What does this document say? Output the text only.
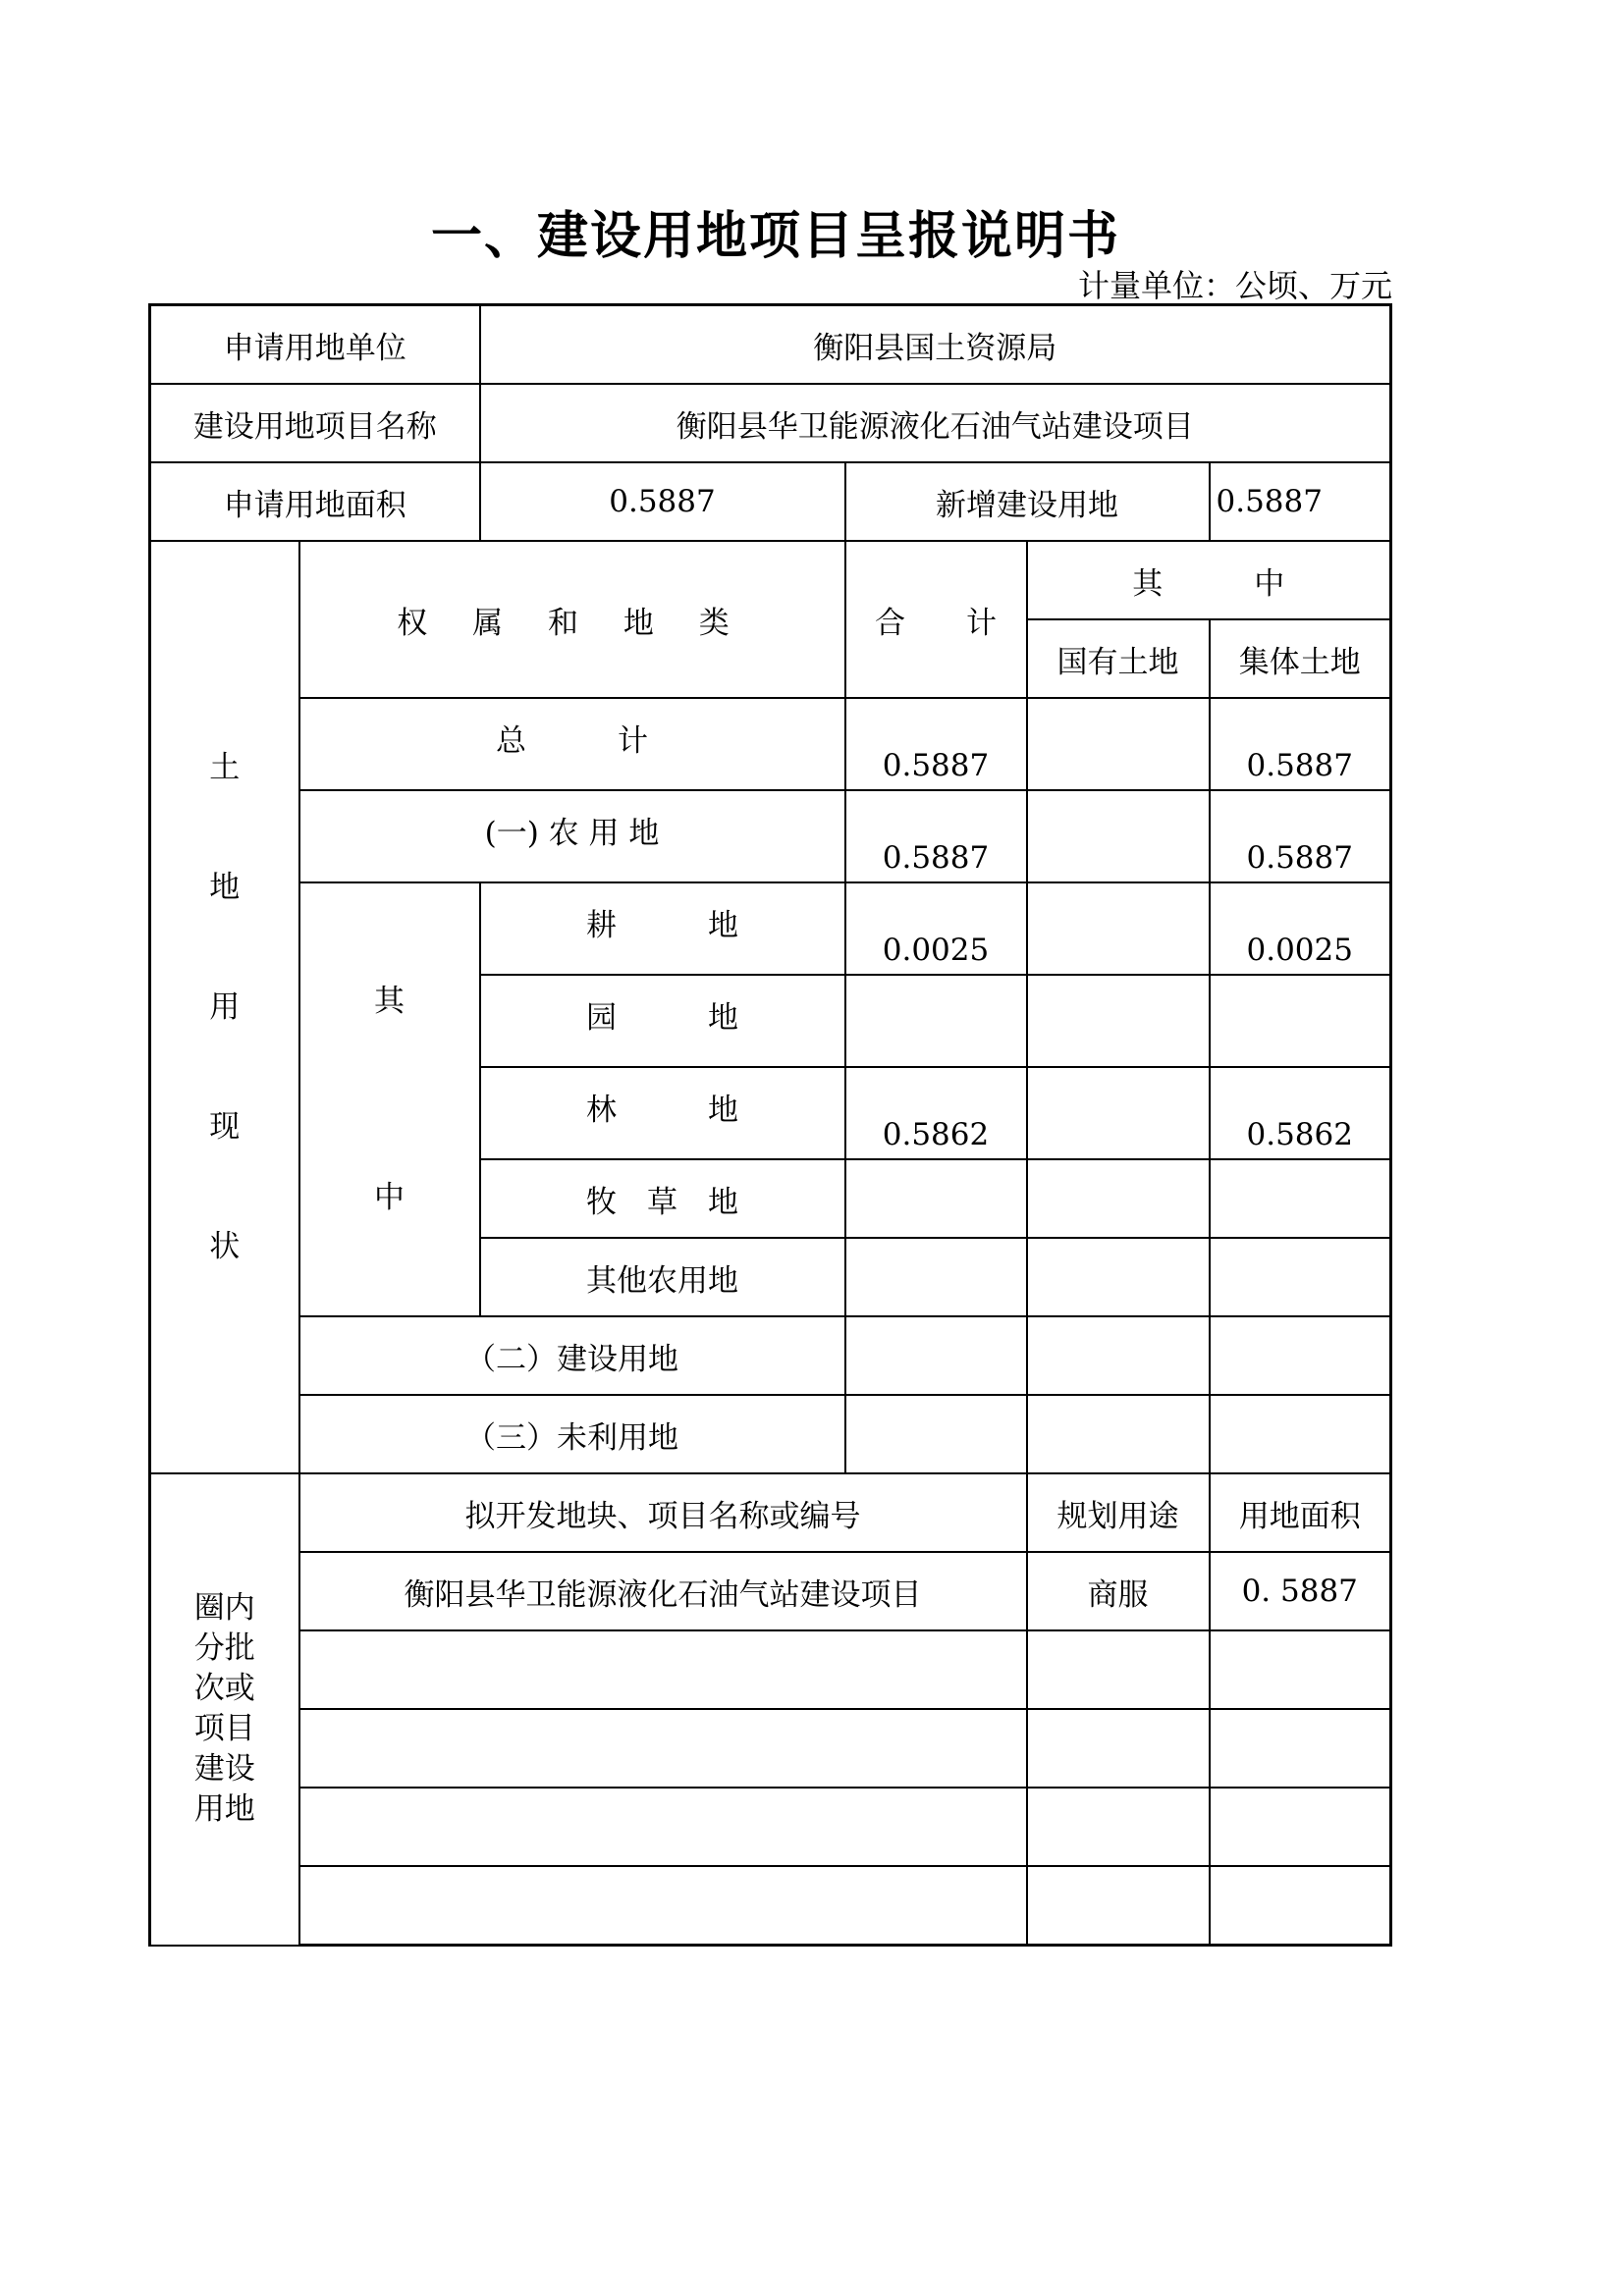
一、建设用地项目呈报说明书
计量单位：公顷、万元
申请用地单位		衡阳县国土资源局			
建设用地项目名称		衡阳县华卫能源液化石油气站建设项目			
申请用地面积		0.5887	新增建设用地		0.5887
土地用现状	权 属 和 地 类		合　　计	其　　　中	
				国有土地	集体土地
	总　　　计		0.5887		0.5887
	(一) 农 用 地		0.5887		0.5887
	其中	耕　　　地	0.0025		0.0025
		园　　　地			
		林　　　地	0.5862		0.5862
		牧　草　地			
		其他农用地			
	（二）建设用地				
	（三）未利用地				
圈内分批次或项目建设用地	拟开发地块、项目名称或编号			规划用途	用地面积
	衡阳县华卫能源液化石油气站建设项目			商服	0. 5887
